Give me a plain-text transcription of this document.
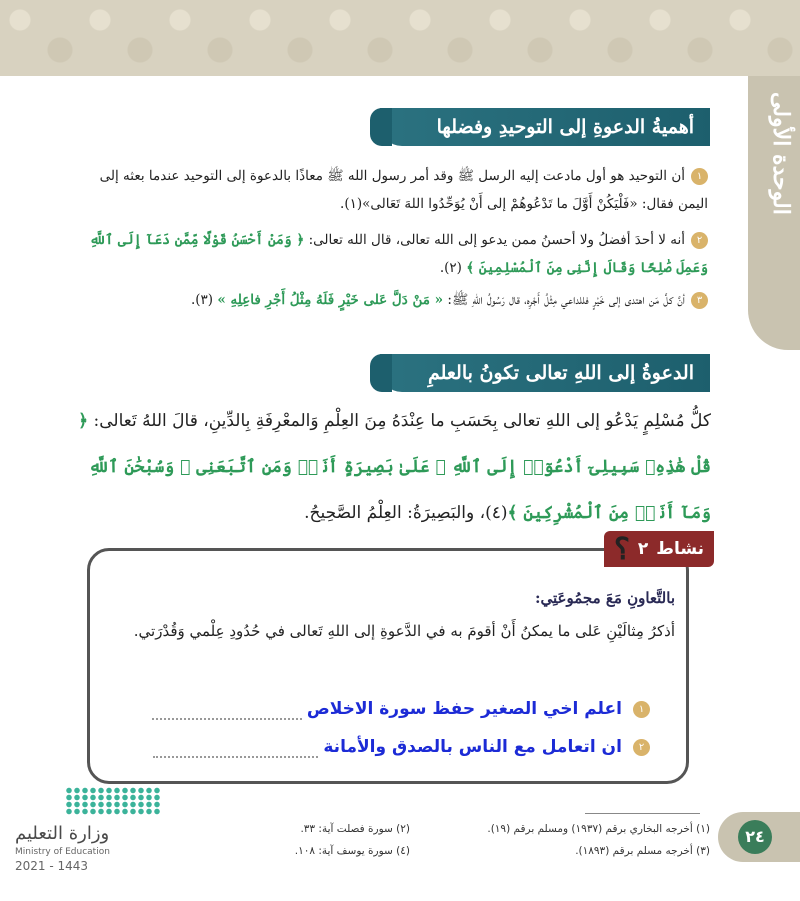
الوحدة الأولى
أهميةُ الدعوةِ إلى التوحيدِ وفضلها
١أن التوحيد هو أول مادعت إليه الرسل ﷺ وقد أمر رسول الله ﷺ معاذًا بالدعوة إلى التوحيد عندما بعثه إلى اليمن فقال: «فَلْيَكُنْ أَوَّلَ ما تَدْعُوهُمْ إلى أَنْ يُوَحِّدُوا اللهَ تَعَالى»(١).
٢أنه لا أحدَ أفضلُ ولا أحسنُ ممن يدعو إلى الله تعالى، قال الله تعالى: ﴿ وَمَنْ أَحْسَنُ قَوْلًا مِّمَّن دَعَآ إِلَى ٱللَّهِ وَعَمِلَ صَٰلِحًا وَقَالَ إِنَّنِى مِنَ ٱلْمُسْلِمِينَ ﴾ (٢).
٣أنَّ كلَّ مَن اهتدى إلى خَيْرٍ فللداعي مِثْلُ أَجْرِه، قال رَسُولُ اللهِ ﷺ: « مَنْ دَلَّ عَلى خَيْرٍ فَلَهُ مِثْلُ أَجْرِ فاعِلِهِ » (٣).
الدعوةُ إلى اللهِ تعالى تكونُ بالعلمِ
كلُّ مُسْلِمٍ يَدْعُو إلى اللهِ تعالى بِحَسَبِ ما عِنْدَهُ مِنَ العِلْمِ وَالمعْرِفَةِ بِالدِّينِ، قالَ اللهُ تَعالى: ﴿ قُلْ هَٰذِهِۦ سَبِيلِىٓ أَدْعُوٓا۟ إِلَى ٱللَّهِ ۚ عَلَىٰ بَصِيرَةٍ أَنَا۠ وَمَنِ ٱتَّبَعَنِى ۖ وَسُبْحَٰنَ ٱللَّهِ وَمَآ أَنَا۠ مِنَ ٱلْمُشْرِكِينَ ﴾(٤)، والبَصِيرَةُ: العِلْمُ الصَّحِيحُ.
نشاط
٢
؟
بالتَّعاونِ مَعَ مجمُوعَتِي:
أذكرُ مِثالَيْنِ عَلى ما يمكنُ أَنْ أقومَ به في الدَّعوةِ إلى اللهِ تَعالى في حُدُودِ عِلْمي وَقُدْرَتي.
١ اعلم اخي الصغير حفظ سورة الاخلاص
٢ ان اتعامل مع الناس بالصدق والأمانة
(١) أخرجه البخاري برقم (١٩٣٧) ومسلم برقم (١٩).
(٣) أخرجه مسلم برقم (١٨٩٣).
(٢) سورة فصلت آية: ٣٣.
(٤) سورة يوسف آية: ١٠٨.
٢٤
وزارة التعليم
Ministry of Education
2021 - 1443
